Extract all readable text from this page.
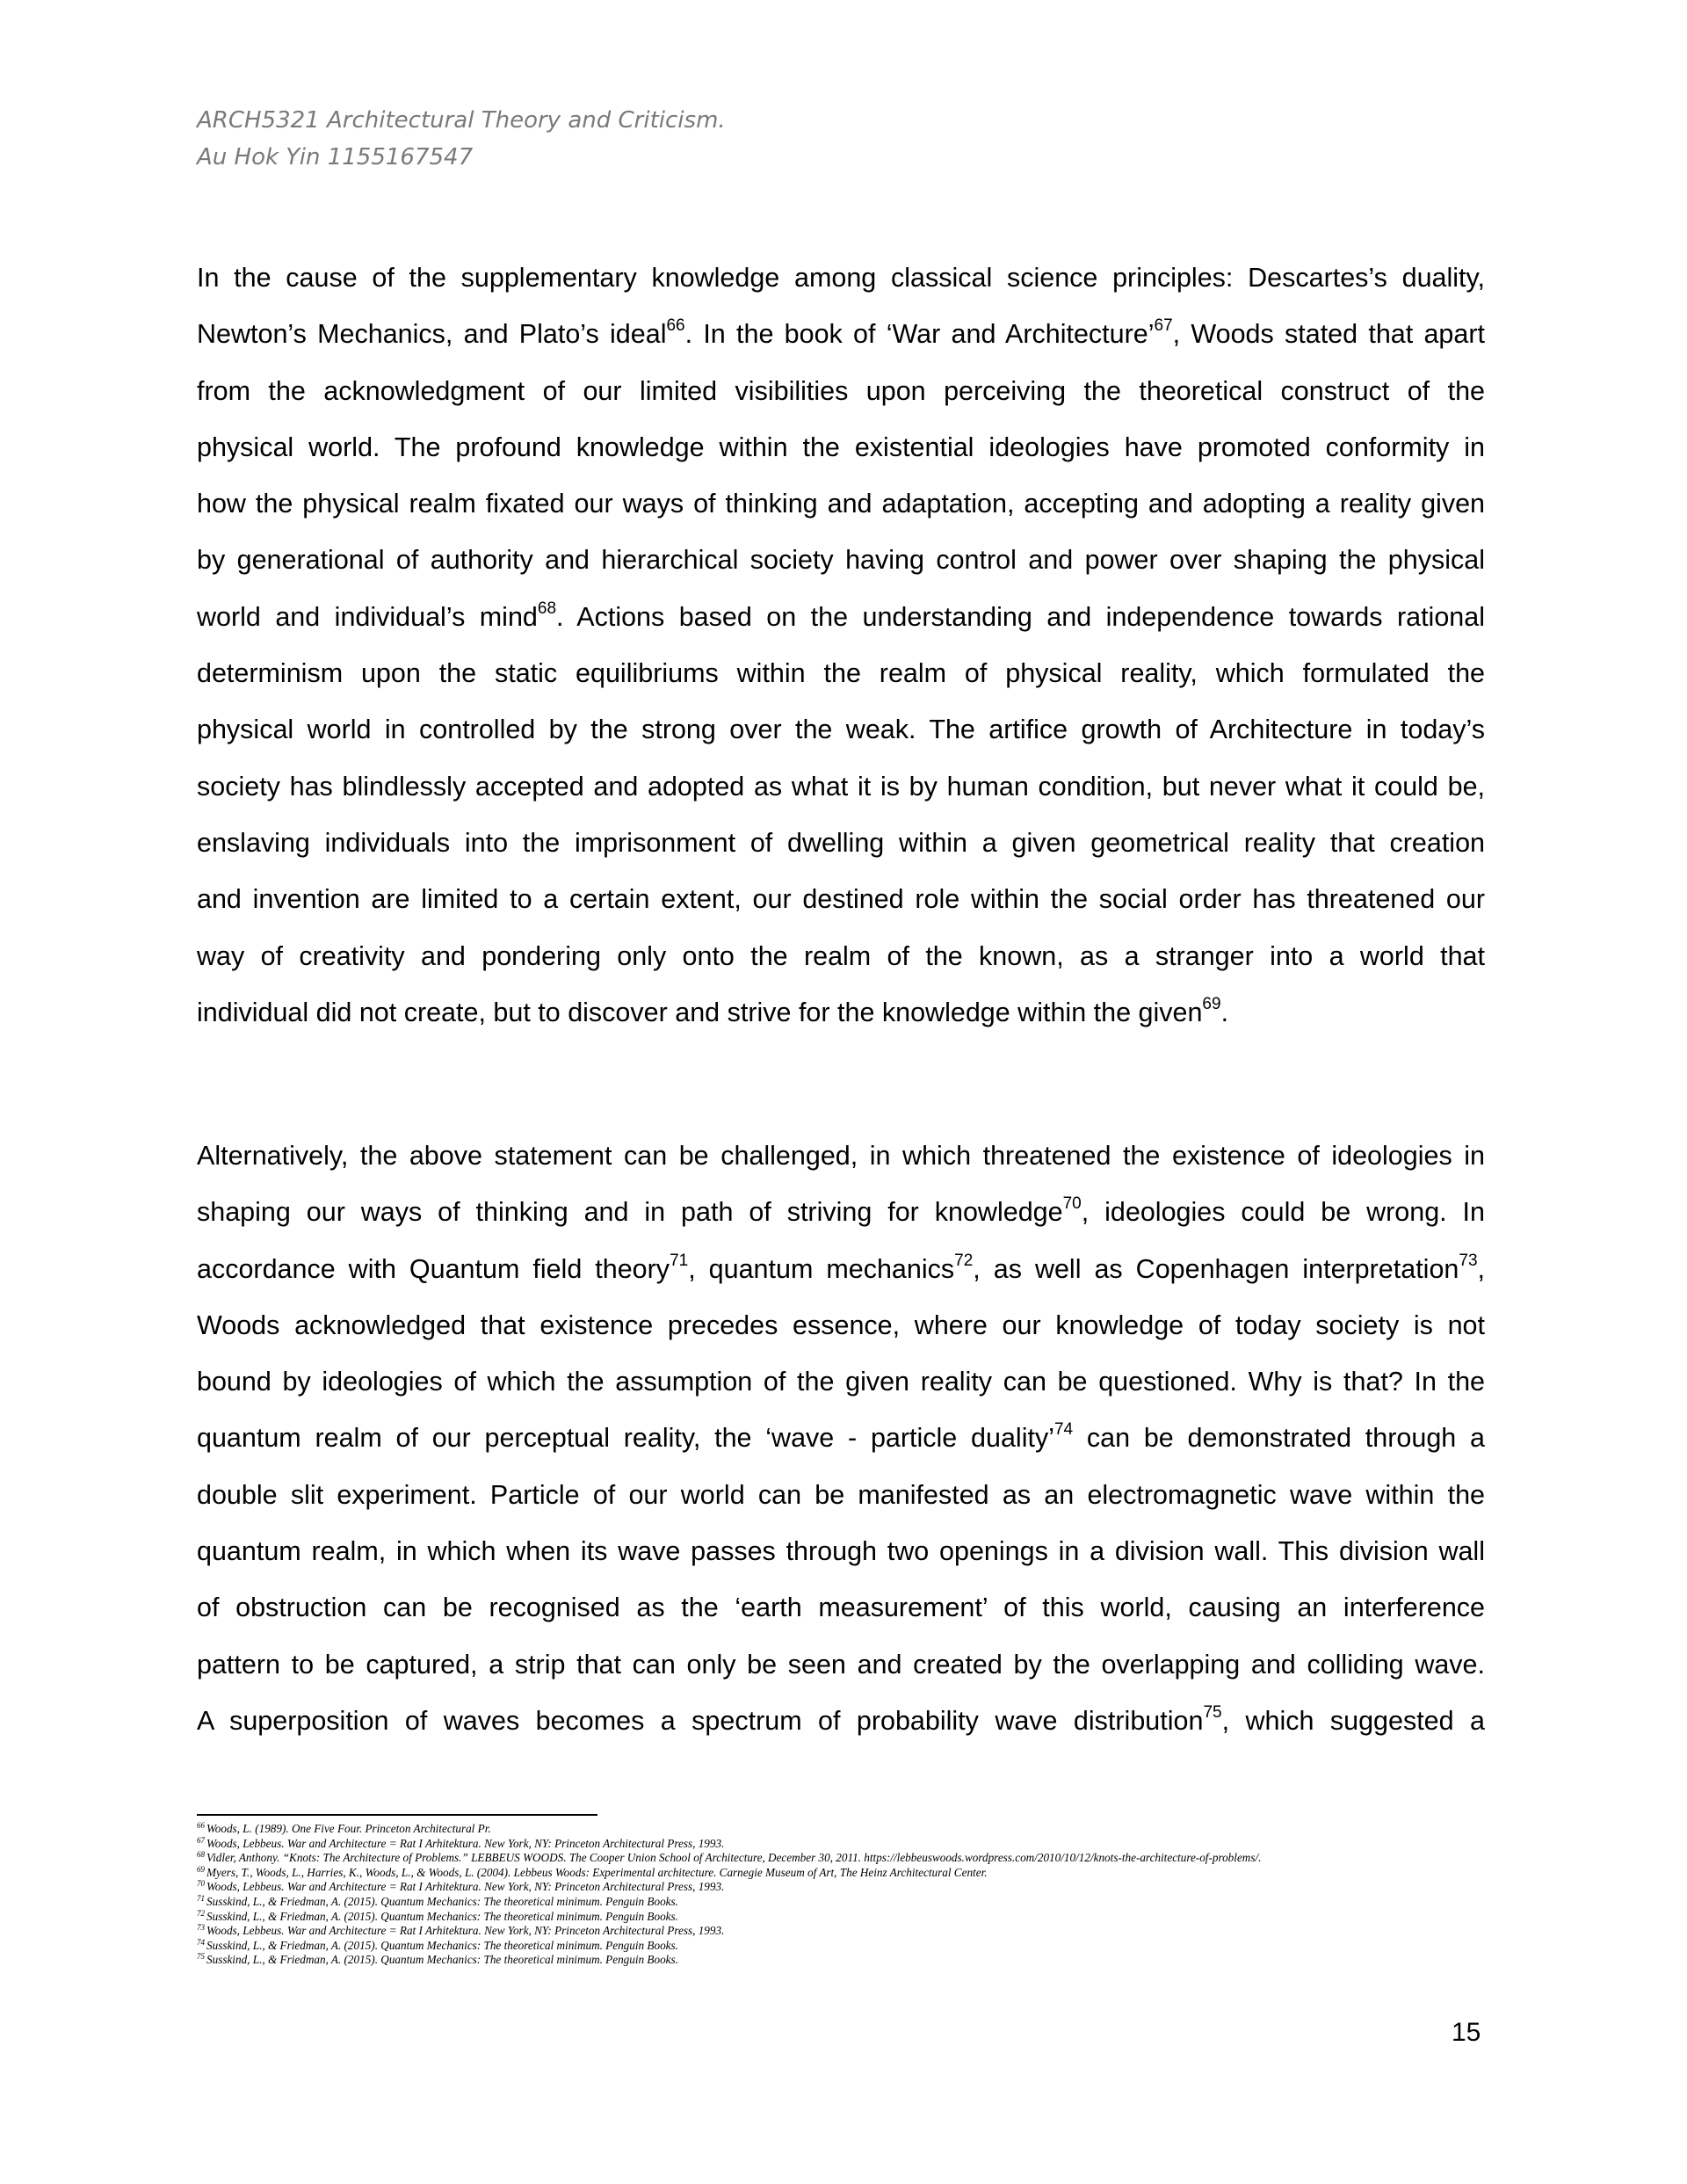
ARCH5321 Architectural Theory and Criticism.
Au Hok Yin 1155167547
In the cause of the supplementary knowledge among classical science principles: Descartes’s duality,
Newton’s Mechanics, and Plato’s ideal$^{66}$. In the book of ‘War and Architecture’$^{67}$, Woods stated that apart
from the acknowledgment of our limited visibilities upon perceiving the theoretical construct of the
physical world. The profound knowledge within the existential ideologies have promoted conformity in
how the physical realm fixated our ways of thinking and adaptation, accepting and adopting a reality given
by generational of authority and hierarchical society having control and power over shaping the physical
world and individual’s mind$^{68}$. Actions based on the understanding and independence towards rational
determinism upon the static equilibriums within the realm of physical reality, which formulated the
physical world in controlled by the strong over the weak. The artifice growth of Architecture in today’s
society has blindlessly accepted and adopted as what it is by human condition, but never what it could be,
enslaving individuals into the imprisonment of dwelling within a given geometrical reality that creation
and invention are limited to a certain extent, our destined role within the social order has threatened our
way of creativity and pondering only onto the realm of the known, as a stranger into a world that
individual did not create, but to discover and strive for the knowledge within the given$^{69}$.
Alternatively, the above statement can be challenged, in which threatened the existence of ideologies in
shaping our ways of thinking and in path of striving for knowledge$^{70}$, ideologies could be wrong. In
accordance with Quantum field theory$^{71}$, quantum mechanics$^{72}$, as well as Copenhagen interpretation$^{73}$,
Woods acknowledged that existence precedes essence, where our knowledge of today society is not
bound by ideologies of which the assumption of the given reality can be questioned. Why is that? In the
quantum realm of our perceptual reality, the ‘wave - particle duality’$^{74}$ can be demonstrated through a
double slit experiment. Particle of our world can be manifested as an electromagnetic wave within the
quantum realm, in which when its wave passes through two openings in a division wall. This division wall
of obstruction can be recognised as the ‘earth measurement’ of this world, causing an interference
pattern to be captured, a strip that can only be seen and created by the overlapping and colliding wave.
A superposition of waves becomes a spectrum of probability wave distribution$^{75}$, which suggested a
$^{66}$ Woods, L. (1989). One Five Four. Princeton Architectural Pr.
$^{67}$ Woods, Lebbeus. War and Architecture = Rat I Arhitektura. New York, NY: Princeton Architectural Press, 1993.
$^{68}$ Vidler, Anthony. “Knots: The Architecture of Problems.” LEBBEUS WOODS. The Cooper Union School of Architecture, December 30, 2011. https://lebbeuswoods.wordpress.com/2010/10/12/knots-the-architecture-of-problems/.
$^{69}$ Myers, T., Woods, L., Harries, K., Woods, L., & Woods, L. (2004). Lebbeus Woods: Experimental architecture. Carnegie Museum of Art, The Heinz Architectural Center.
$^{70}$ Woods, Lebbeus. War and Architecture = Rat I Arhitektura. New York, NY: Princeton Architectural Press, 1993.
$^{71}$ Susskind, L., & Friedman, A. (2015). Quantum Mechanics: The theoretical minimum. Penguin Books.
$^{72}$ Susskind, L., & Friedman, A. (2015). Quantum Mechanics: The theoretical minimum. Penguin Books.
$^{73}$ Woods, Lebbeus. War and Architecture = Rat I Arhitektura. New York, NY: Princeton Architectural Press, 1993.
$^{74}$ Susskind, L., & Friedman, A. (2015). Quantum Mechanics: The theoretical minimum. Penguin Books.
$^{75}$ Susskind, L., & Friedman, A. (2015). Quantum Mechanics: The theoretical minimum. Penguin Books.
15
